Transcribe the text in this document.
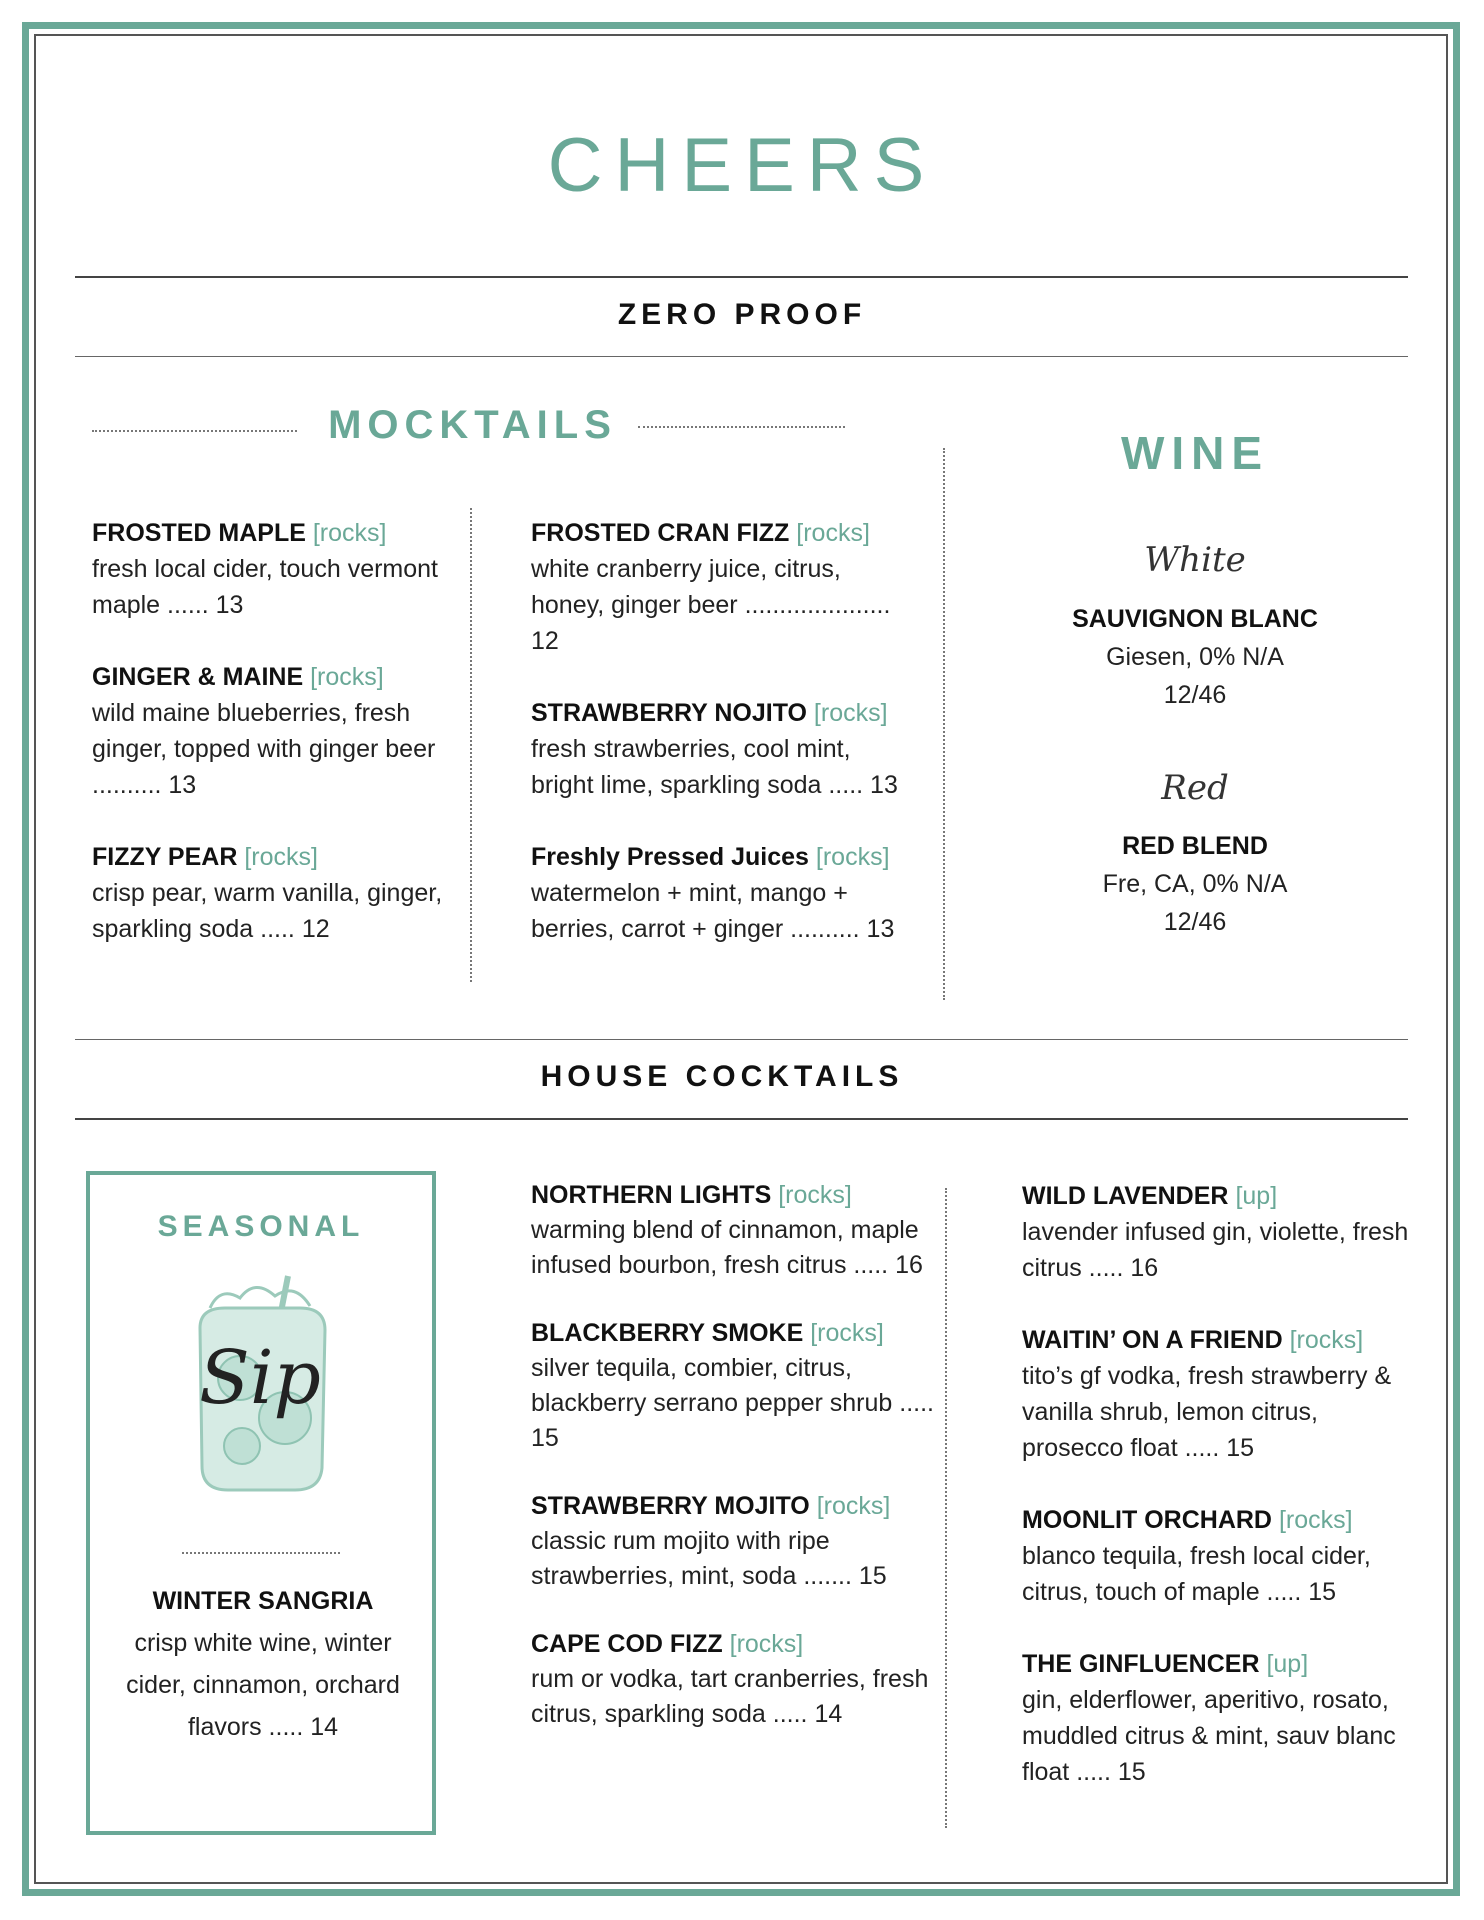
CHEERS
ZERO PROOF
MOCKTAILS
FROSTED MAPLE [rocks]
fresh local cider, touch vermont maple ...... 13
GINGER & MAINE [rocks]
wild maine blueberries, fresh ginger, topped with ginger beer .......... 13
FIZZY PEAR [rocks]
crisp pear, warm vanilla, ginger, sparkling soda ..... 12
FROSTED CRAN FIZZ [rocks]
white cranberry juice, citrus, honey, ginger beer ..................... 12
STRAWBERRY NOJITO [rocks]
fresh strawberries, cool mint, bright lime, sparkling soda ..... 13
Freshly Pressed Juices [rocks]
watermelon + mint, mango + berries, carrot + ginger .......... 13
WINE
White
SAUVIGNON BLANC
Giesen, 0% N/A
12/46
Red
RED BLEND
Fre, CA, 0% N/A
12/46
HOUSE COCKTAILS
SEASONAL
Sip
WINTER SANGRIA
crisp white wine, winter cider, cinnamon, orchard flavors ..... 14
NORTHERN LIGHTS [rocks]
warming blend of cinnamon, maple infused bourbon, fresh citrus ..... 16
BLACKBERRY SMOKE [rocks]
silver tequila, combier, citrus, blackberry serrano pepper shrub ..... 15
STRAWBERRY MOJITO [rocks]
classic rum mojito with ripe strawberries, mint, soda ....... 15
CAPE COD FIZZ [rocks]
rum or vodka, tart cranberries, fresh citrus, sparkling soda ..... 14
WILD LAVENDER [up]
lavender infused gin, violette, fresh citrus ..... 16
WAITIN’ ON A FRIEND [rocks]
tito’s gf vodka, fresh strawberry & vanilla shrub, lemon citrus, prosecco float ..... 15
MOONLIT ORCHARD [rocks]
blanco tequila, fresh local cider, citrus, touch of maple ..... 15
THE GINFLUENCER [up]
gin, elderflower, aperitivo, rosato, muddled citrus & mint, sauv blanc float ..... 15
